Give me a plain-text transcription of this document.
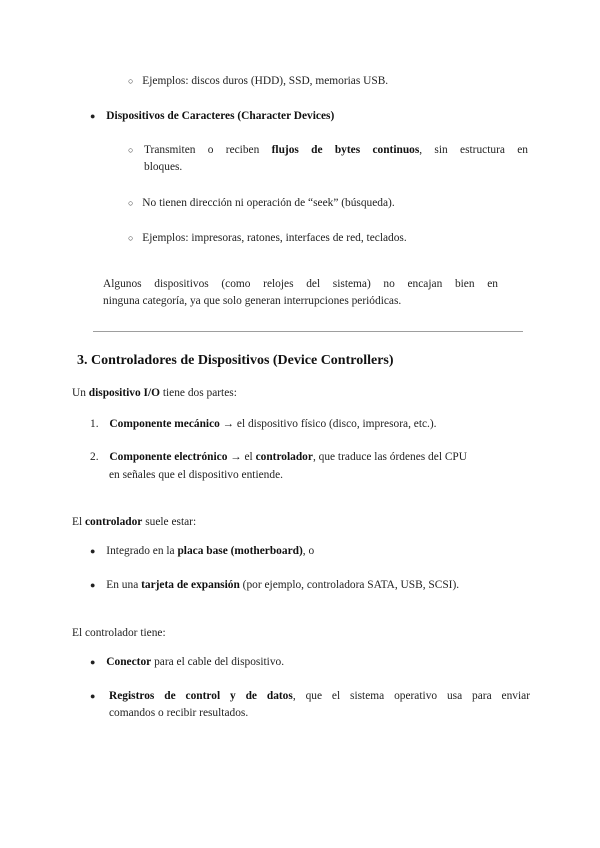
○ Ejemplos: discos duros (HDD), SSD, memorias USB.
● Dispositivos de Caracteres (Character Devices)
○ Transmiten o reciben flujos de bytes continuos, sin estructura en
bloques.
○ No tienen dirección ni operación de “seek” (búsqueda).
○ Ejemplos: impresoras, ratones, interfaces de red, teclados.
Algunos dispositivos (como relojes del sistema) no encajan bien en
ninguna categoría, ya que solo generan interrupciones periódicas.
3. Controladores de Dispositivos (Device Controllers)
Un dispositivo I/O tiene dos partes:
1. Componente mecánico → el dispositivo físico (disco, impresora, etc.).
2. Componente electrónico → el controlador, que traduce las órdenes del CPU
en señales que el dispositivo entiende.
El controlador suele estar:
● Integrado en la placa base (motherboard), o
● En una tarjeta de expansión (por ejemplo, controladora SATA, USB, SCSI).
El controlador tiene:
● Conector para el cable del dispositivo.
●	Registros de control y de datos, que el sistema operativo usa para enviar
comandos o recibir resultados.
